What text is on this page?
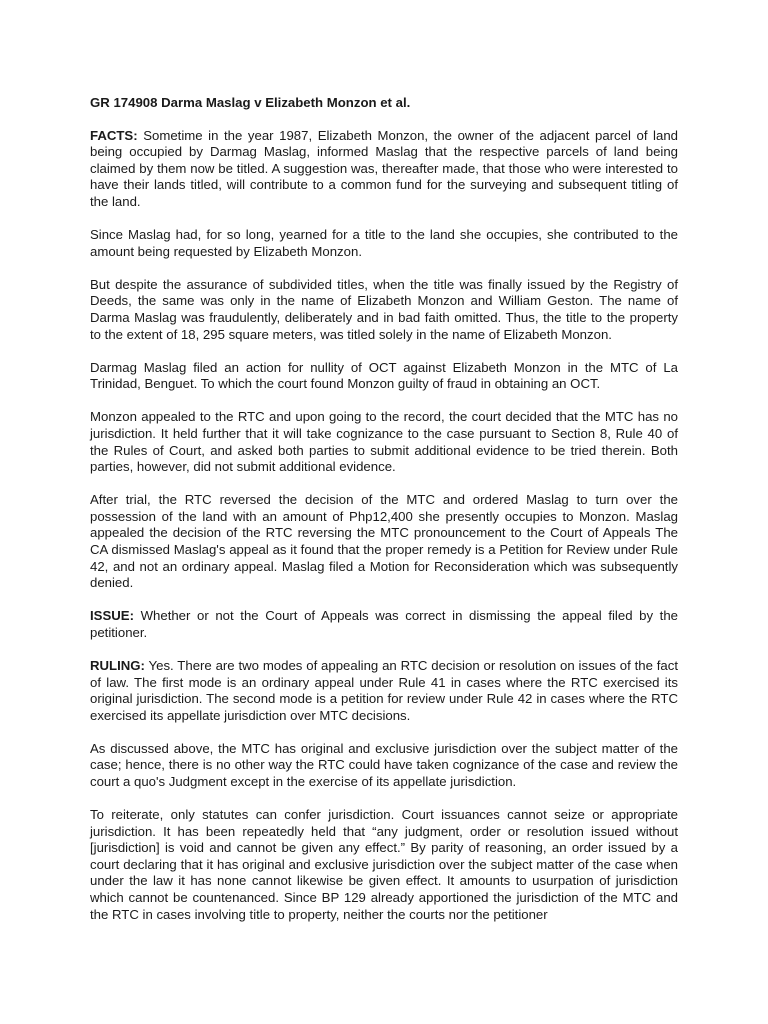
GR 174908 Darma Maslag v Elizabeth Monzon et al.

FACTS: Sometime in the year 1987, Elizabeth Monzon, the owner of the adjacent parcel of land being occupied by Darmag Maslag, informed Maslag that the respective parcels of land being claimed by them now be titled. A suggestion was, thereafter made, that those who were interested to have their lands titled, will contribute to a common fund for the surveying and subsequent titling of the land.

Since Maslag had, for so long, yearned for a title to the land she occupies, she contributed to the amount being requested by Elizabeth Monzon.

But despite the assurance of subdivided titles, when the title was finally issued by the Registry of Deeds, the same was only in the name of Elizabeth Monzon and William Geston. The name of Darma Maslag was fraudulently, deliberately and in bad faith omitted. Thus, the title to the property to the extent of 18, 295 square meters, was titled solely in the name of Elizabeth Monzon.

Darmag Maslag filed an action for nullity of OCT against Elizabeth Monzon in the MTC of La Trinidad, Benguet. To which the court found Monzon guilty of fraud in obtaining an OCT.

Monzon appealed to the RTC and upon going to the record, the court decided that the MTC has no jurisdiction. It held further that it will take cognizance to the case pursuant to Section 8, Rule 40 of the Rules of Court, and asked both parties to submit additional evidence to be tried therein. Both parties, however, did not submit additional evidence.

After trial, the RTC reversed the decision of the MTC and ordered Maslag to turn over the possession of the land with an amount of Php12,400 she presently occupies to Monzon. Maslag appealed the decision of the RTC reversing the MTC pronouncement to the Court of Appeals The CA dismissed Maslag's appeal as it found that the proper remedy is a Petition for Review under Rule 42, and not an ordinary appeal. Maslag filed a Motion for Reconsideration which was subsequently denied.

ISSUE: Whether or not the Court of Appeals was correct in dismissing the appeal filed by the petitioner.

RULING: Yes. There are two modes of appealing an RTC decision or resolution on issues of the fact of law. The first mode is an ordinary appeal under Rule 41 in cases where the RTC exercised its original jurisdiction. The second mode is a petition for review under Rule 42 in cases where the RTC exercised its appellate jurisdiction over MTC decisions.

As discussed above, the MTC has original and exclusive jurisdiction over the subject matter of the case; hence, there is no other way the RTC could have taken cognizance of the case and review the court a quo's Judgment except in the exercise of its appellate jurisdiction.

To reiterate, only statutes can confer jurisdiction. Court issuances cannot seize or appropriate jurisdiction. It has been repeatedly held that “any judgment, order or resolution issued without [jurisdiction] is void and cannot be given any effect.” By parity of reasoning, an order issued by a court declaring that it has original and exclusive jurisdiction over the subject matter of the case when under the law it has none cannot likewise be given effect. It amounts to usurpation of jurisdiction which cannot be countenanced. Since BP 129 already apportioned the jurisdiction of the MTC and the RTC in cases involving title to property, neither the courts nor the petitioner
